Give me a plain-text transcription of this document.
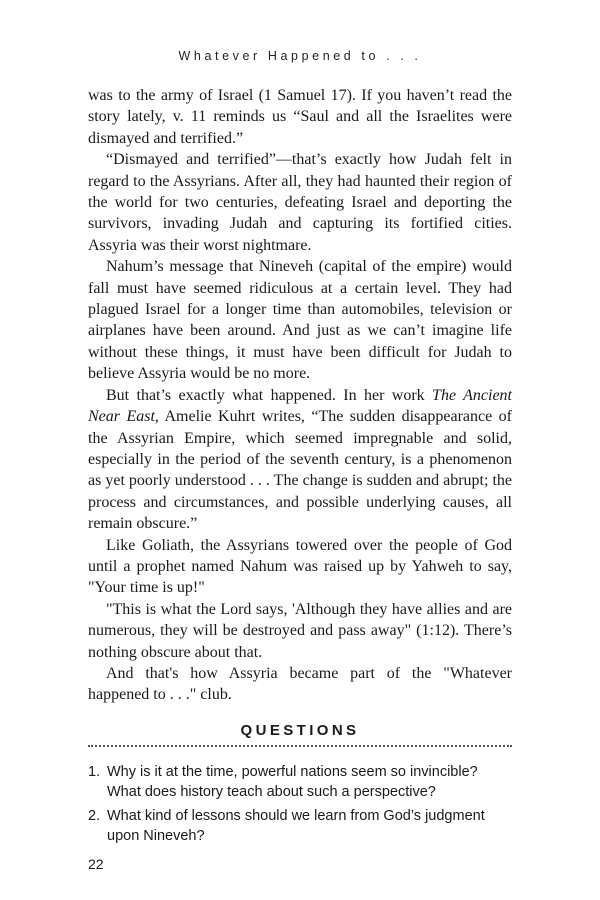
Whatever Happened to . . .

was to the army of Israel (1 Samuel 17). If you haven’t read the story lately, v. 11 reminds us “Saul and all the Israelites were dismayed and terrified.”

“Dismayed and terrified”—that’s exactly how Judah felt in regard to the Assyrians. After all, they had haunted their region of the world for two centuries, defeating Israel and deporting the survivors, invading Judah and capturing its fortified cities. Assyria was their worst nightmare.

Nahum’s message that Nineveh (capital of the empire) would fall must have seemed ridiculous at a certain level. They had plagued Israel for a longer time than automobiles, television or airplanes have been around. And just as we can’t imagine life without these things, it must have been difficult for Judah to believe Assyria would be no more.

But that’s exactly what happened. In her work The Ancient Near East, Amelie Kuhrt writes, “The sudden disappearance of the Assyrian Empire, which seemed impregnable and solid, especially in the period of the seventh century, is a phenomenon as yet poorly understood . . . The change is sudden and abrupt; the process and circumstances, and possible underlying causes, all remain obscure.”

Like Goliath, the Assyrians towered over the people of God until a prophet named Nahum was raised up by Yahweh to say, "Your time is up!"

"This is what the Lord says, 'Although they have allies and are numerous, they will be destroyed and pass away" (1:12). There’s nothing obscure about that.

And that's how Assyria became part of the "Whatever happened to . . ." club.

QUESTIONS
1. Why is it at the time, powerful nations seem so invincible? What does history teach about such a perspective?
2. What kind of lessons should we learn from God’s judgment upon Nineveh?
22
